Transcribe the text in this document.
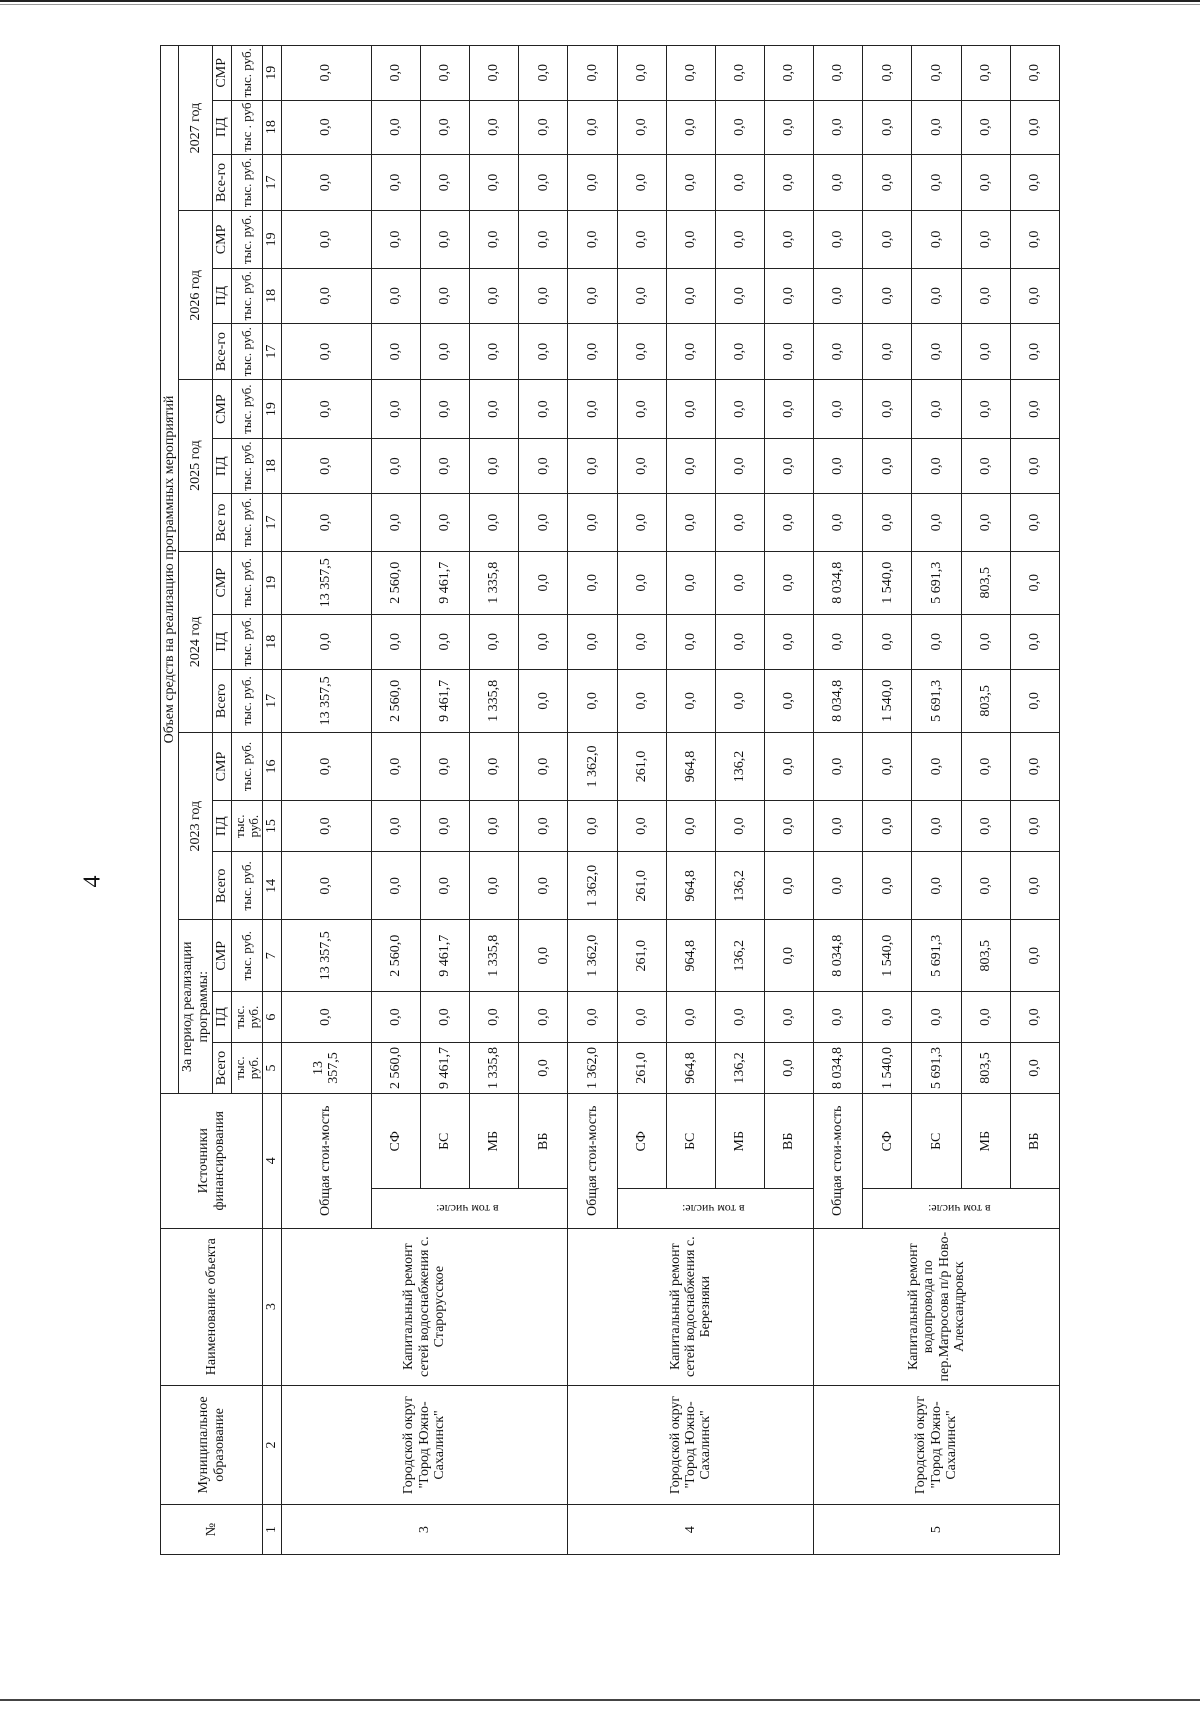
4
№	Муниципальное образование	Наименование объекта	Источники финансирования		Объем средств на реализацию программных мероприятий																	
					За период реализации программы:			2023 год			2024 год			2025 год			2026 год			2027 год		
					Всего	ПД	СМР	Всего	ПД	СМР	Всего	ПД	СМР	Все го	ПД	СМР	Все-го	ПД	СМР	Все-го	ПД	СМР
					тыс. руб.	тыс. руб.	тыс. руб.	тыс. руб.	тыс. руб.	тыс. руб.	тыс. руб.	тыс. руб.	тыс. руб.	тыс. руб.	тыс. руб.	тыс. руб.	тыс. руб.	тыс. руб.	тыс. руб.	тыс. руб.	тыс . руб	тыс. руб.
1	2	3	4		5	6	7	14	15	16	17	18	19	17	18	19	17	18	19	17	18	19
3	Городской округ "Город Южно-Сахалинск"	Капитальный ремонт сетей водоснабжения с. Старорусское	Общая стои-мость		13 357,5	0,0	13 357,5	0,0	0,0	0,0	13 357,5	0,0	13 357,5	0,0	0,0	0,0	0,0	0,0	0,0	0,0	0,0	0,0
			в том числе:	СФ	2 560,0	0,0	2 560,0	0,0	0,0	0,0	2 560,0	0,0	2 560,0	0,0	0,0	0,0	0,0	0,0	0,0	0,0	0,0	0,0
				БС	9 461,7	0,0	9 461,7	0,0	0,0	0,0	9 461,7	0,0	9 461,7	0,0	0,0	0,0	0,0	0,0	0,0	0,0	0,0	0,0
				МБ	1 335,8	0,0	1 335,8	0,0	0,0	0,0	1 335,8	0,0	1 335,8	0,0	0,0	0,0	0,0	0,0	0,0	0,0	0,0	0,0
				ВБ	0,0	0,0	0,0	0,0	0,0	0,0	0,0	0,0	0,0	0,0	0,0	0,0	0,0	0,0	0,0	0,0	0,0	0,0
4	Городской округ "Город Южно-Сахалинск"	Капитальный ремонт сетей водоснабжения с. Березняки	Общая стои-мость		1 362,0	0,0	1 362,0	1 362,0	0,0	1 362,0	0,0	0,0	0,0	0,0	0,0	0,0	0,0	0,0	0,0	0,0	0,0	0,0
			в том числе:	СФ	261,0	0,0	261,0	261,0	0,0	261,0	0,0	0,0	0,0	0,0	0,0	0,0	0,0	0,0	0,0	0,0	0,0	0,0
				БС	964,8	0,0	964,8	964,8	0,0	964,8	0,0	0,0	0,0	0,0	0,0	0,0	0,0	0,0	0,0	0,0	0,0	0,0
				МБ	136,2	0,0	136,2	136,2	0,0	136,2	0,0	0,0	0,0	0,0	0,0	0,0	0,0	0,0	0,0	0,0	0,0	0,0
				ВБ	0,0	0,0	0,0	0,0	0,0	0,0	0,0	0,0	0,0	0,0	0,0	0,0	0,0	0,0	0,0	0,0	0,0	0,0
5	Городской округ "Город Южно-Сахалинск"	Капитальный ремонт водопровода по пер.Матросова п/р Ново-Александровск	Общая стои-мость		8 034,8	0,0	8 034,8	0,0	0,0	0,0	8 034,8	0,0	8 034,8	0,0	0,0	0,0	0,0	0,0	0,0	0,0	0,0	0,0
			в том числе:	СФ	1 540,0	0,0	1 540,0	0,0	0,0	0,0	1 540,0	0,0	1 540,0	0,0	0,0	0,0	0,0	0,0	0,0	0,0	0,0	0,0
				БС	5 691,3	0,0	5 691,3	0,0	0,0	0,0	5 691,3	0,0	5 691,3	0,0	0,0	0,0	0,0	0,0	0,0	0,0	0,0	0,0
				МБ	803,5	0,0	803,5	0,0	0,0	0,0	803,5	0,0	803,5	0,0	0,0	0,0	0,0	0,0	0,0	0,0	0,0	0,0
				ВБ	0,0	0,0	0,0	0,0	0,0	0,0	0,0	0,0	0,0	0,0	0,0	0,0	0,0	0,0	0,0	0,0	0,0	0,0
